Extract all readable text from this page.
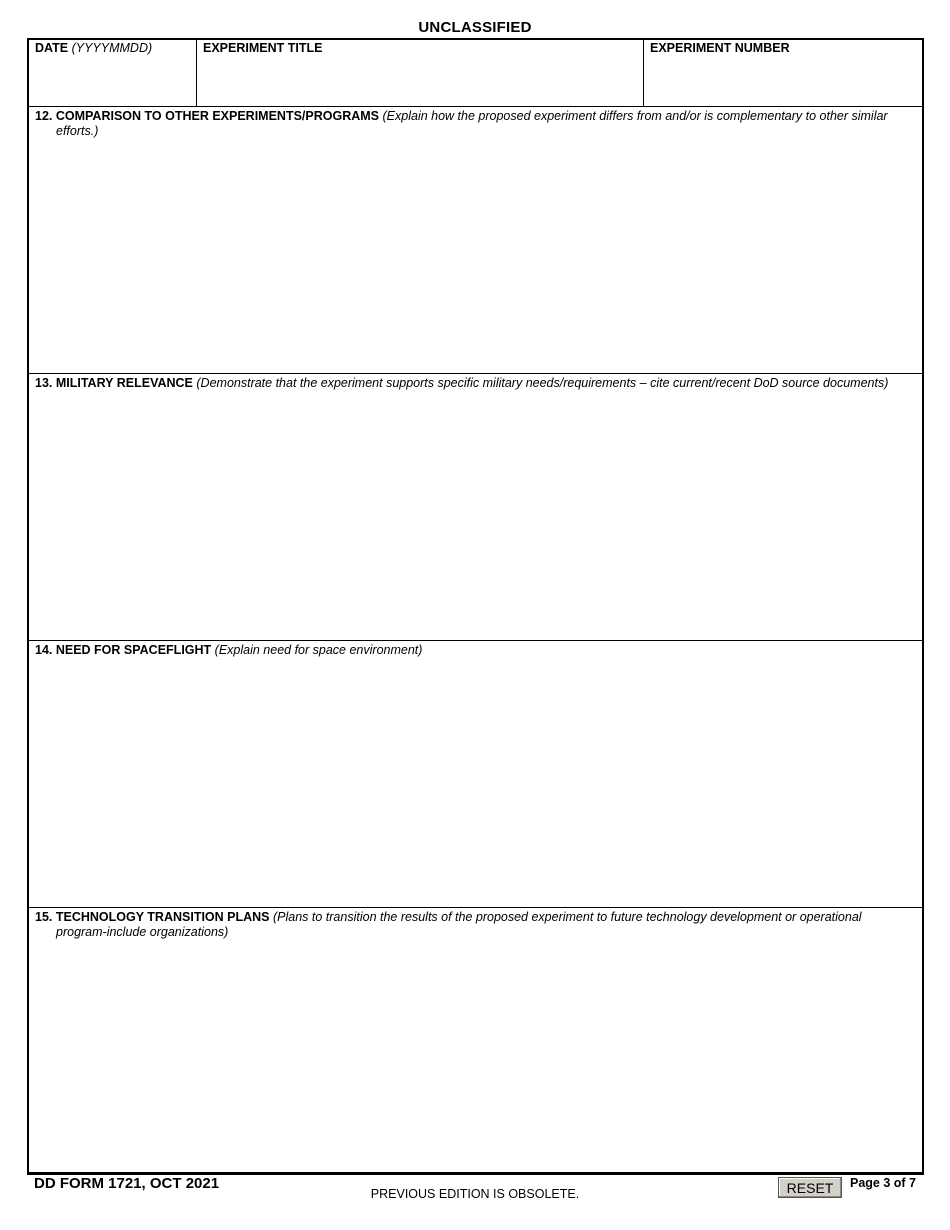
UNCLASSIFIED
DATE (YYYYMMDD)	EXPERIMENT TITLE	EXPERIMENT NUMBER
12. COMPARISON TO OTHER EXPERIMENTS/PROGRAMS (Explain how the proposed experiment differs from and/or is complementary to other similar efforts.)
13. MILITARY RELEVANCE (Demonstrate that the experiment supports specific military needs/requirements – cite current/recent DoD source documents)
14. NEED FOR SPACEFLIGHT (Explain need for space environment)
15. TECHNOLOGY TRANSITION PLANS (Plans to transition the results of the proposed experiment to future technology development or operational program-include organizations)
DD FORM 1721, OCT 2021
PREVIOUS EDITION IS OBSOLETE.	RESET	Page 3 of 7
